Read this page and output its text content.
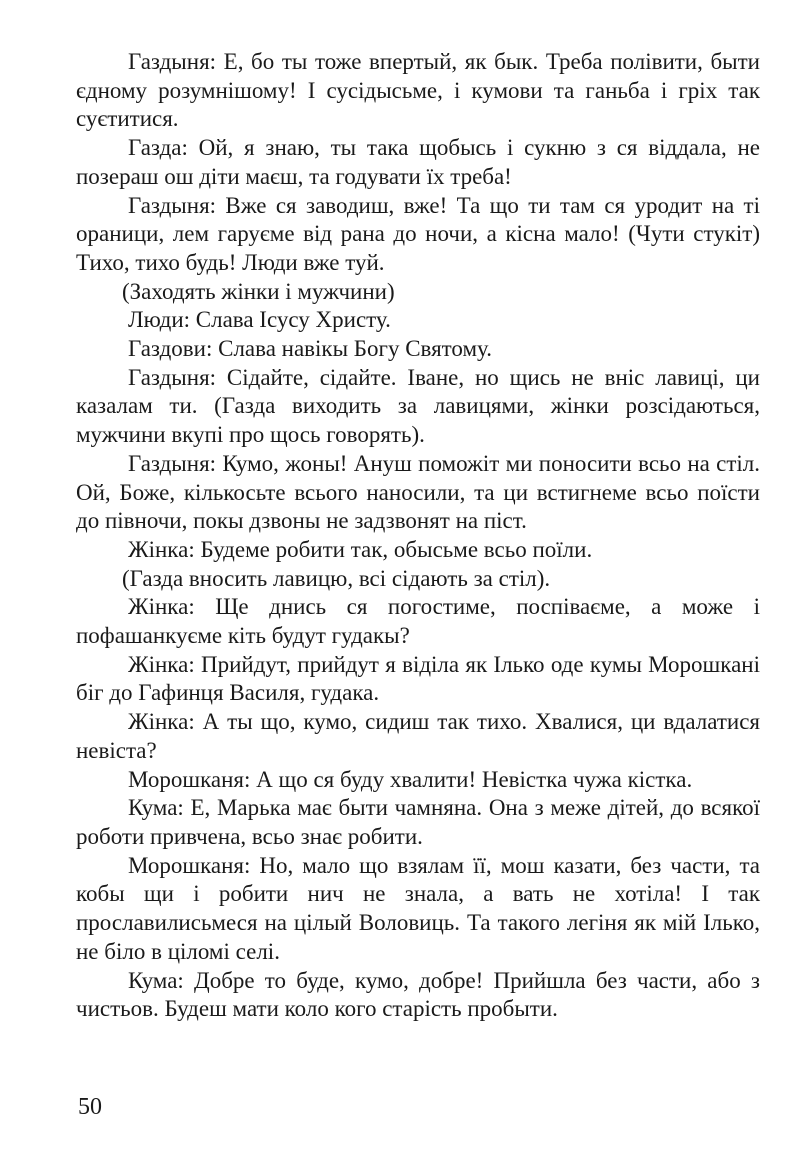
Газдыня: Е, бо ты тоже впертый, як бык. Треба полівити, быти єдному розумнішому! І сусідысьме, і кумови та ганьба і гріх так суєтитися.

Газда: Ой, я знаю, ты така щобысь і сукню з ся віддала, не позераш ош діти маєш, та годувати їх треба!

Газдыня: Вже ся заводиш, вже! Та що ти там ся уродит на ті ораници, лем гаруєме від рана до ночи, а кісна мало! (Чути стукіт) Тихо, тихо будь! Люди вже туй.

(Заходять жінки і мужчини)

Люди: Слава Ісусу Христу.

Газдови: Слава навікы Богу Святому.

Газдыня: Сідайте, сідайте. Іване, но щись не вніс лавиці, ци казалам ти. (Газда виходить за лавицями, жінки розсідаються, мужчини вкупі про щось говорять).

Газдыня: Кумо, жоны! Ануш поможіт ми поносити всьо на стіл. Ой, Боже, кількосьте всього наносили, та ци встигнеме всьо поїсти до півночи, покы дзвоны не задзвонят на піст.

Жінка: Будеме робити так, обысьме всьо поїли.

(Газда вносить лавицю, всі сідають за стіл).

Жінка: Ще днись ся погостиме, поспіваєме, а може і пофашанкуєме кіть будут гудакы?

Жінка: Прийдут, прийдут я віділа як Ілько оде кумы Морошкані біг до Гафинця Василя, гудака.

Жінка: А ты що, кумо, сидиш так тихо. Хвалися, ци вдалатися невіста?

Морошканя: А що ся буду хвалити! Невістка чужа кістка.

Кума: Е, Марька має быти чамняна. Она з меже дітей, до всякої роботи привчена, всьо знає робити.

Морошканя: Но, мало що взялам її, мош казати, без части, та кобы щи і робити нич не знала, а вать не хотіла! І так прославилисьмеся на цілый Воловиць. Та такого легіня як мій Ілько, не біло в ціломі селі.

Кума: Добре то буде, кумо, добре! Прийшла без части, або з чистьов. Будеш мати коло кого старість пробыти.

50
